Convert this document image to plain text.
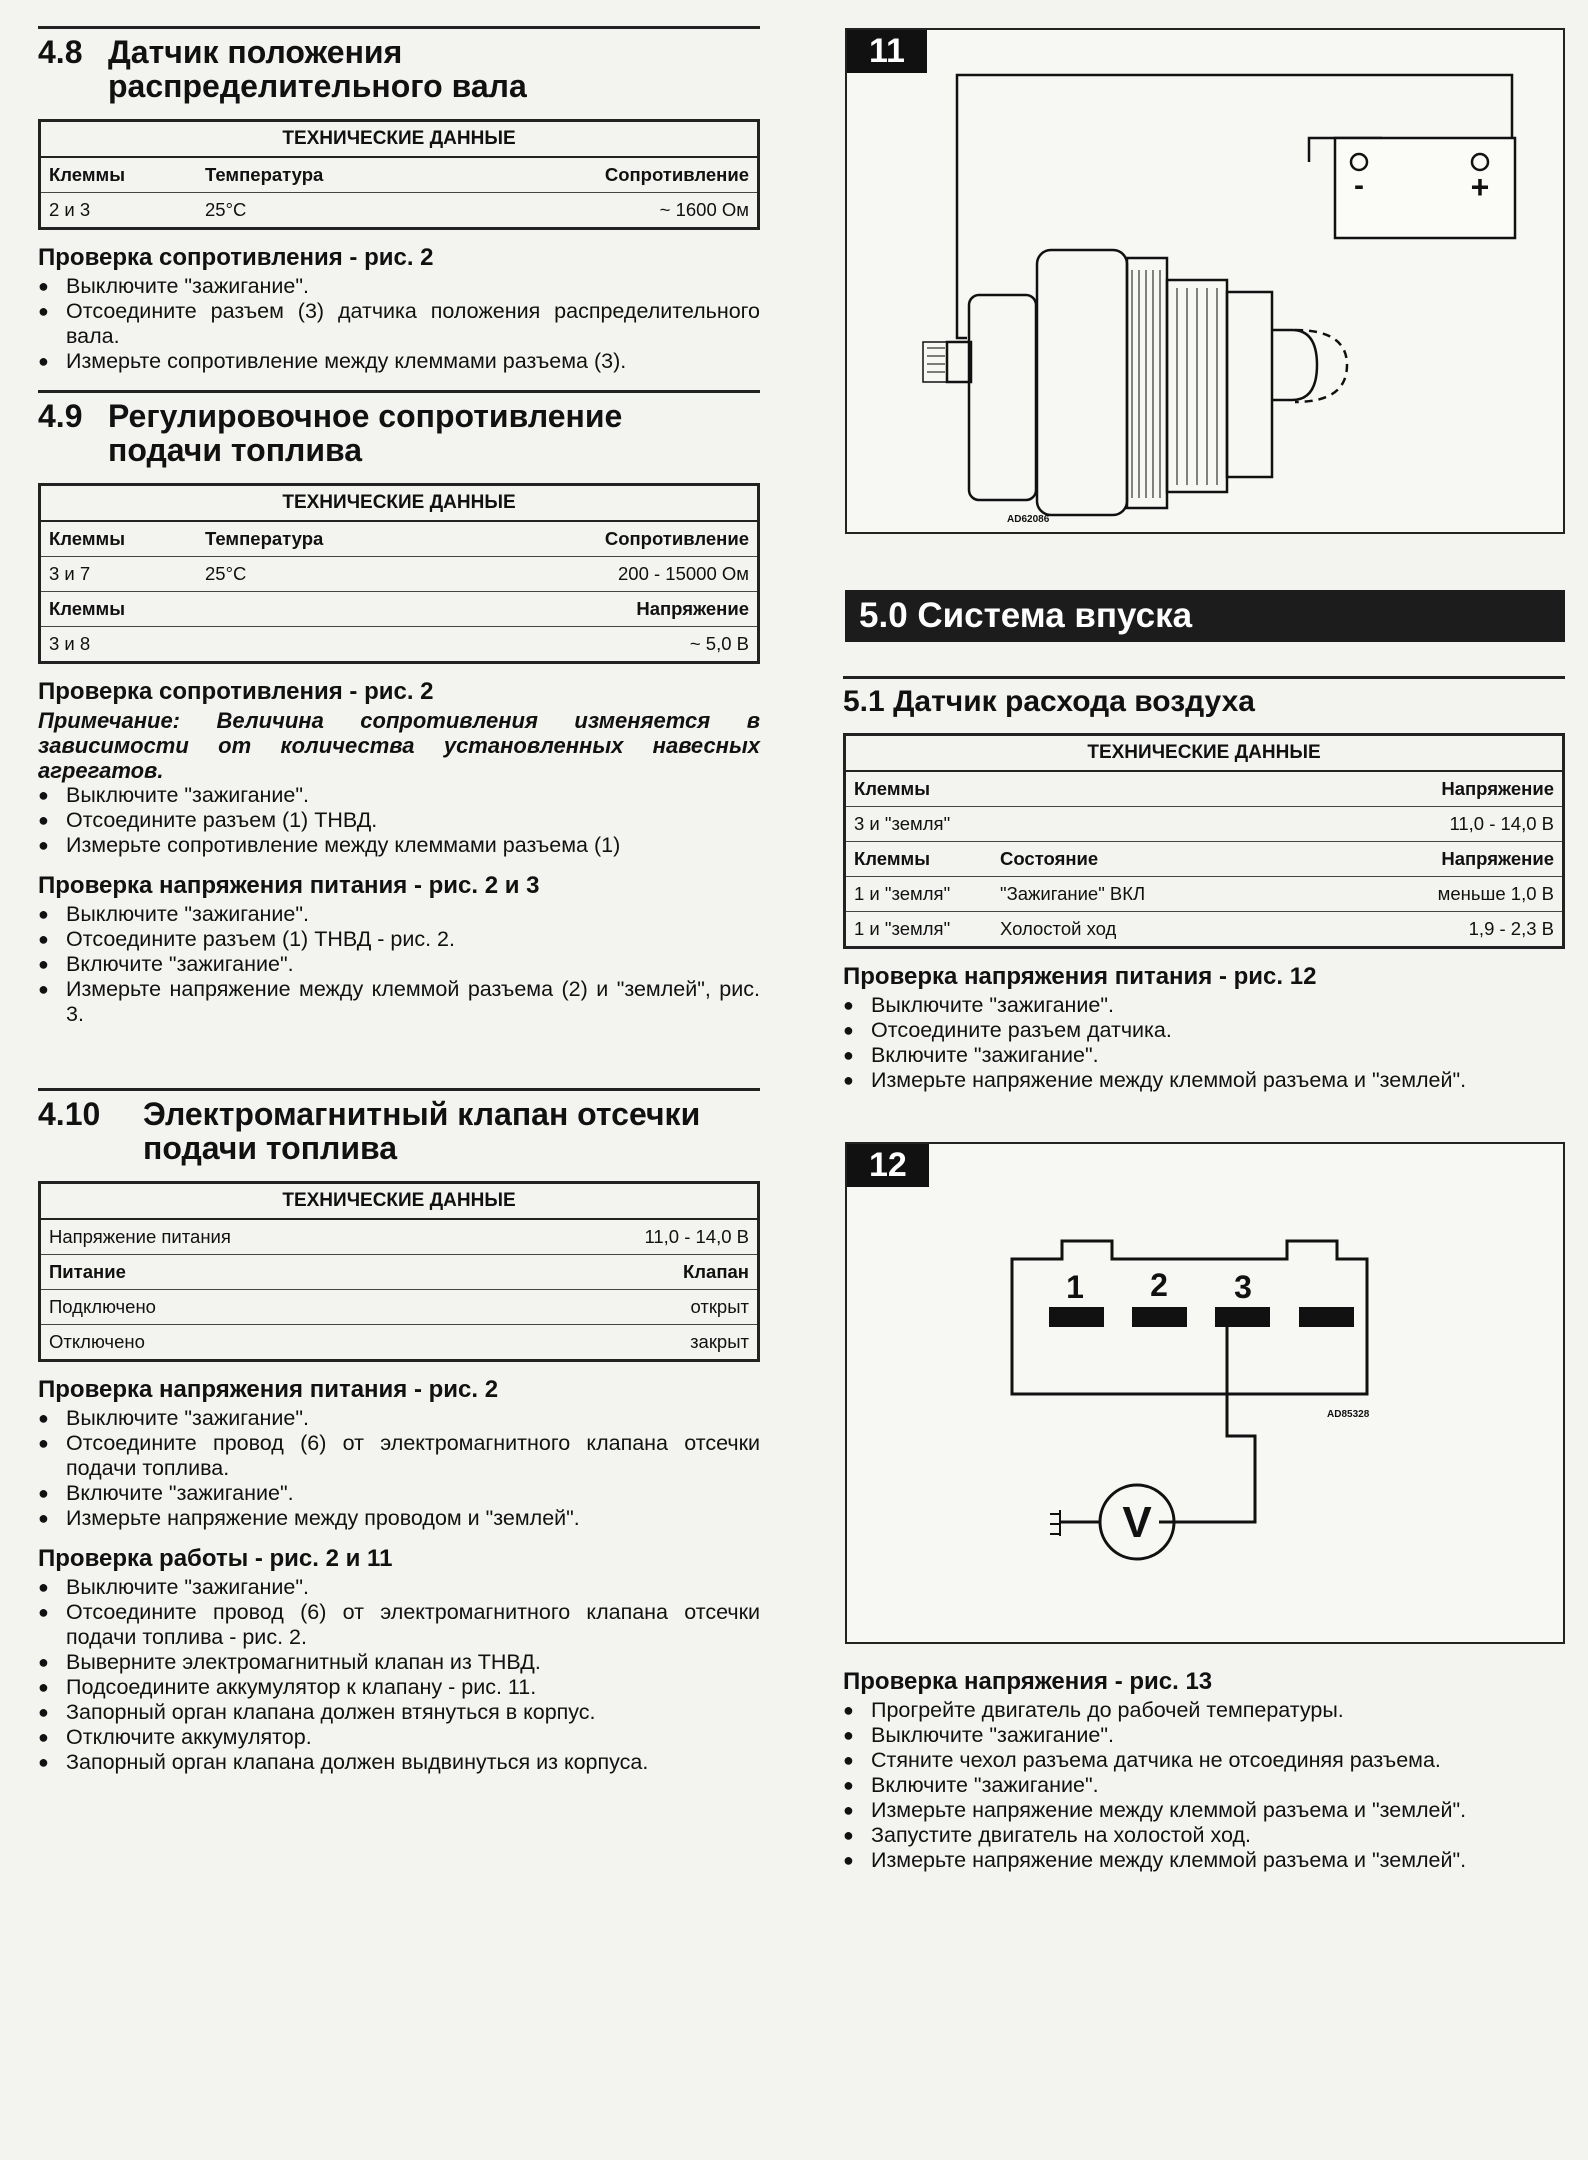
4.8 Датчик положения
распределительного вала
ТЕХНИЧЕСКИЕ ДАННЫЕ		
Клеммы	Температура	Сопротивление
2 и 3	25°C	~ 1600 Ом
Проверка сопротивления - рис. 2
● Выключите "зажигание".
● Отсоедините разъем (3) датчика положения распределительного вала.
● Измерьте сопротивление между клеммами разъема (3).
4.9 Регулировочное сопротивление
подачи топлива
ТЕХНИЧЕСКИЕ ДАННЫЕ		
Клеммы	Температура	Сопротивление
3 и 7	25°C	200 - 15000 Ом
Клеммы		Напряжение
3 и 8		~ 5,0 В
Проверка сопротивления - рис. 2
Примечание: Величина сопротивления изменяется в зависимости от количества установленных навесных агрегатов.
● Выключите "зажигание".
● Отсоедините разъем (1) ТНВД.
● Измерьте сопротивление между клеммами разъема (1)
Проверка напряжения питания - рис. 2 и 3
● Выключите "зажигание".
● Отсоедините разъем (1) ТНВД - рис. 2.
● Включите "зажигание".
● Измерьте напряжение между клеммой разъема (2) и "землей", рис. 3.
4.10 Электромагнитный клапан отсечки
подачи топлива
ТЕХНИЧЕСКИЕ ДАННЫЕ	
Напряжение питания	11,0 - 14,0 В
Питание	Клапан
Подключено	открыт
Отключено	закрыт
Проверка напряжения питания - рис. 2
● Выключите "зажигание".
● Отсоедините провод (6) от электромагнитного клапана отсечки подачи топлива.
● Включите "зажигание".
● Измерьте напряжение между проводом и "землей".
Проверка работы - рис. 2 и 11
● Выключите "зажигание".
● Отсоедините провод (6) от электромагнитного клапана отсечки подачи топлива - рис. 2.
● Выверните электромагнитный клапан из ТНВД.
● Подсоедините аккумулятор к клапану - рис. 11.
● Запорный орган клапана должен втянуться в корпус.
● Отключите аккумулятор.
● Запорный орган клапана должен выдвинуться из корпуса.
11
-	+
AD62086
5.0 Система впуска
5.1 Датчик расхода воздуха
ТЕХНИЧЕСКИЕ ДАННЫЕ		
Клеммы		Напряжение
3 и "земля"		11,0 - 14,0 В
Клеммы	Состояние	Напряжение
1 и "земля"	"Зажигание" ВКЛ	меньше 1,0 В
1 и "земля"	Холостой ход	1,9 - 2,3 В
Проверка напряжения питания - рис. 12
● Выключите "зажигание".
● Отсоедините разъем датчика.
● Включите "зажигание".
● Измерьте напряжение между клеммой разъема и "землей".
12
1 2 3
V
AD85328
Проверка напряжения - рис. 13
● Прогрейте двигатель до рабочей температуры.
● Выключите "зажигание".
● Стяните чехол разъема датчика не отсоединяя разъема.
● Включите "зажигание".
● Измерьте напряжение между клеммой разъема и "землей".
● Запустите двигатель на холостой ход.
● Измерьте напряжение между клеммой разъема и "землей".
